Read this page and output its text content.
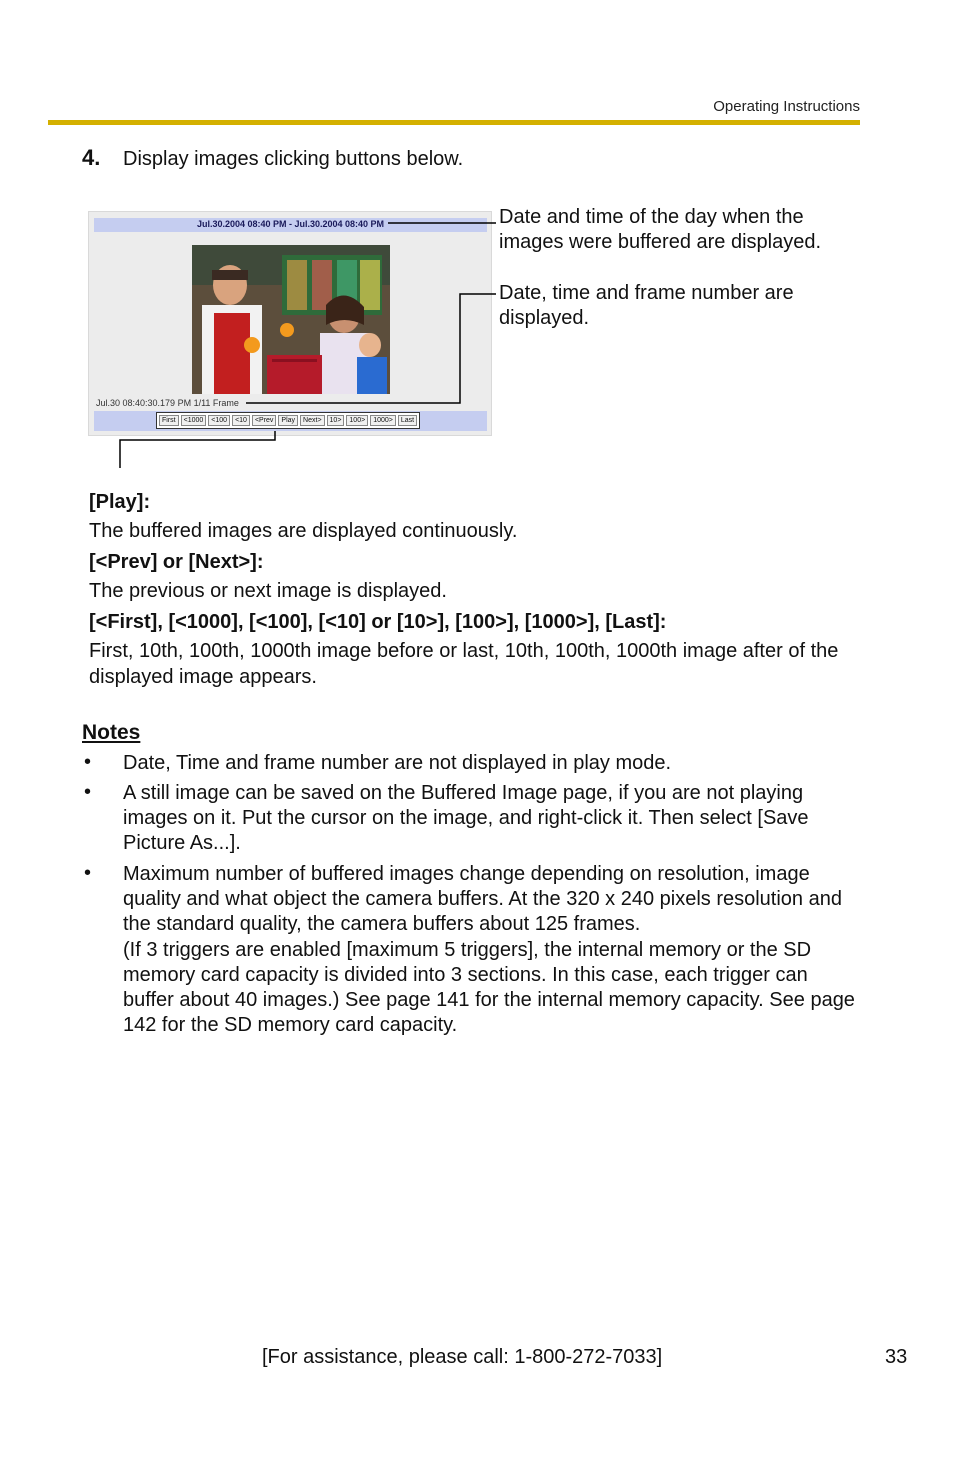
Operating Instructions
4. Display images clicking buttons below.
Jul.30.2004 08:40 PM - Jul.30.2004 08:40 PM
Jul.30 08:40:30.179 PM 1/11 Frame
First	<1000	<100	<10	<Prev	Play	Next>	10>	100>	1000>	Last
Date and time of the day when the images were buffered are displayed.
Date, time and frame number are displayed.
[Play]:
The buffered images are displayed continuously.
[<Prev] or [Next>]:
The previous or next image is displayed.
[<First], [<1000], [<100], [<10] or [10>], [100>], [1000>], [Last]:
First, 10th, 100th, 1000th image before or last, 10th, 100th, 1000th image after of the displayed image appears.
Notes
• Date, Time and frame number are not displayed in play mode.
• A still image can be saved on the Buffered Image page, if you are not playing images on it. Put the cursor on the image, and right-click it. Then select [Save Picture As...].
• Maximum number of buffered images change depending on resolution, image quality and what object the camera buffers. At the 320 x 240 pixels resolution and the standard quality, the camera buffers about 125 frames.
(If 3 triggers are enabled [maximum 5 triggers], the internal memory or the SD memory card capacity is divided into 3 sections. In this case, each trigger can buffer about 40 images.) See page 141 for the internal memory capacity. See page 142 for the SD memory card capacity.
[For assistance, please call: 1-800-272-7033]	33
